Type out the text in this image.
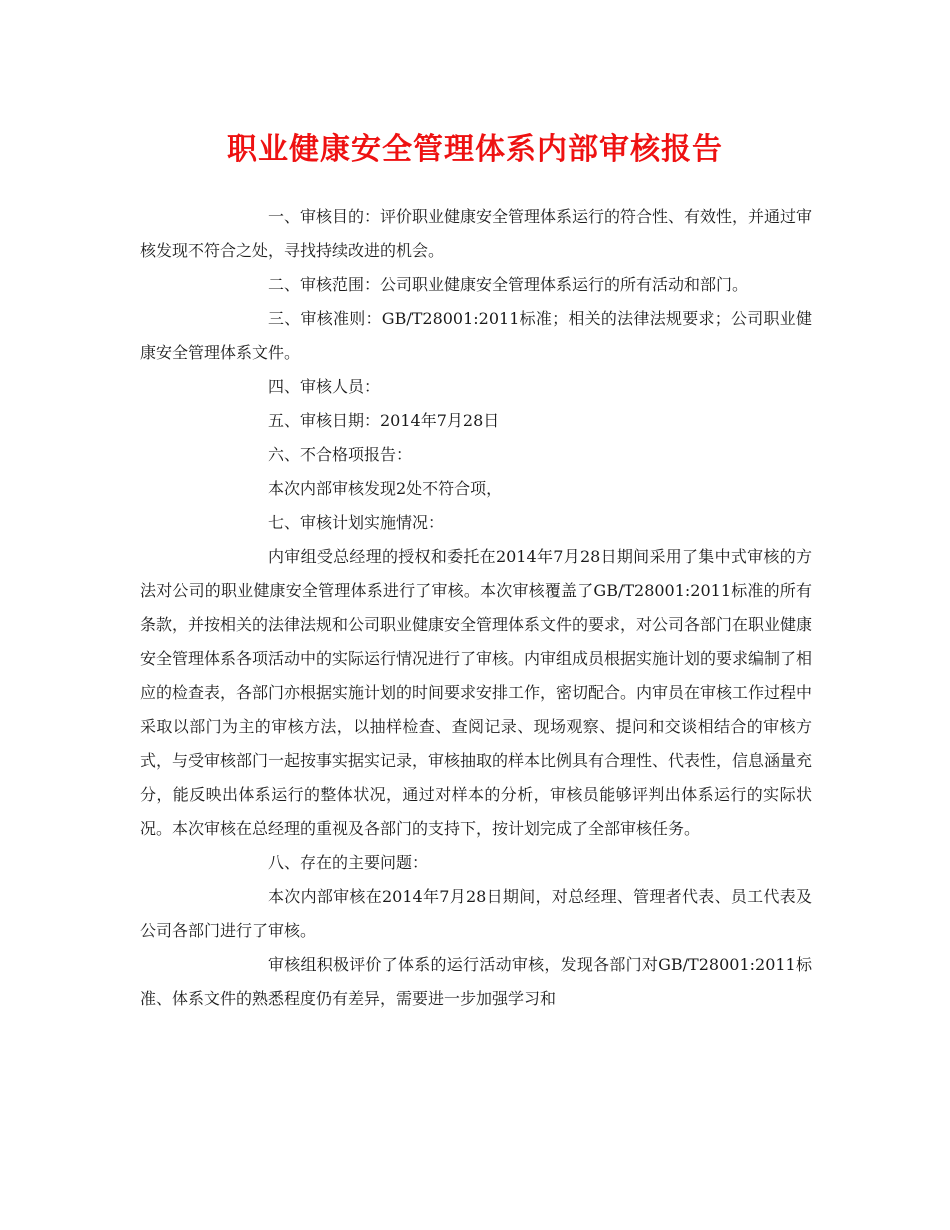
职业健康安全管理体系内部审核报告

一、审核目的：评价职业健康安全管理体系运行的符合性、有效性，并通过审核发现不符合之处，寻找持续改进的机会。

二、审核范围：公司职业健康安全管理体系运行的所有活动和部门。

三、审核准则：GB/T28001:2011标准；相关的法律法规要求；公司职业健康安全管理体系文件。

四、审核人员：

五、审核日期：2014年7月28日

六、不合格项报告：

本次内部审核发现2处不符合项，

七、审核计划实施情况：

内审组受总经理的授权和委托在2014年7月28日期间采用了集中式审核的方法对公司的职业健康安全管理体系进行了审核。本次审核覆盖了GB/T28001:2011标准的所有条款，并按相关的法律法规和公司职业健康安全管理体系文件的要求，对公司各部门在职业健康安全管理体系各项活动中的实际运行情况进行了审核。内审组成员根据实施计划的要求编制了相应的检查表，各部门亦根据实施计划的时间要求安排工作，密切配合。内审员在审核工作过程中采取以部门为主的审核方法，以抽样检查、查阅记录、现场观察、提问和交谈相结合的审核方式，与受审核部门一起按事实据实记录，审核抽取的样本比例具有合理性、代表性，信息涵量充分，能反映出体系运行的整体状况，通过对样本的分析，审核员能够评判出体系运行的实际状况。本次审核在总经理的重视及各部门的支持下，按计划完成了全部审核任务。

八、存在的主要问题：

本次内部审核在2014年7月28日期间，对总经理、管理者代表、员工代表及公司各部门进行了审核。

审核组积极评价了体系的运行活动审核，发现各部门对GB/T28001:2011标准、体系文件的熟悉程度仍有差异，需要进一步加强学习和
